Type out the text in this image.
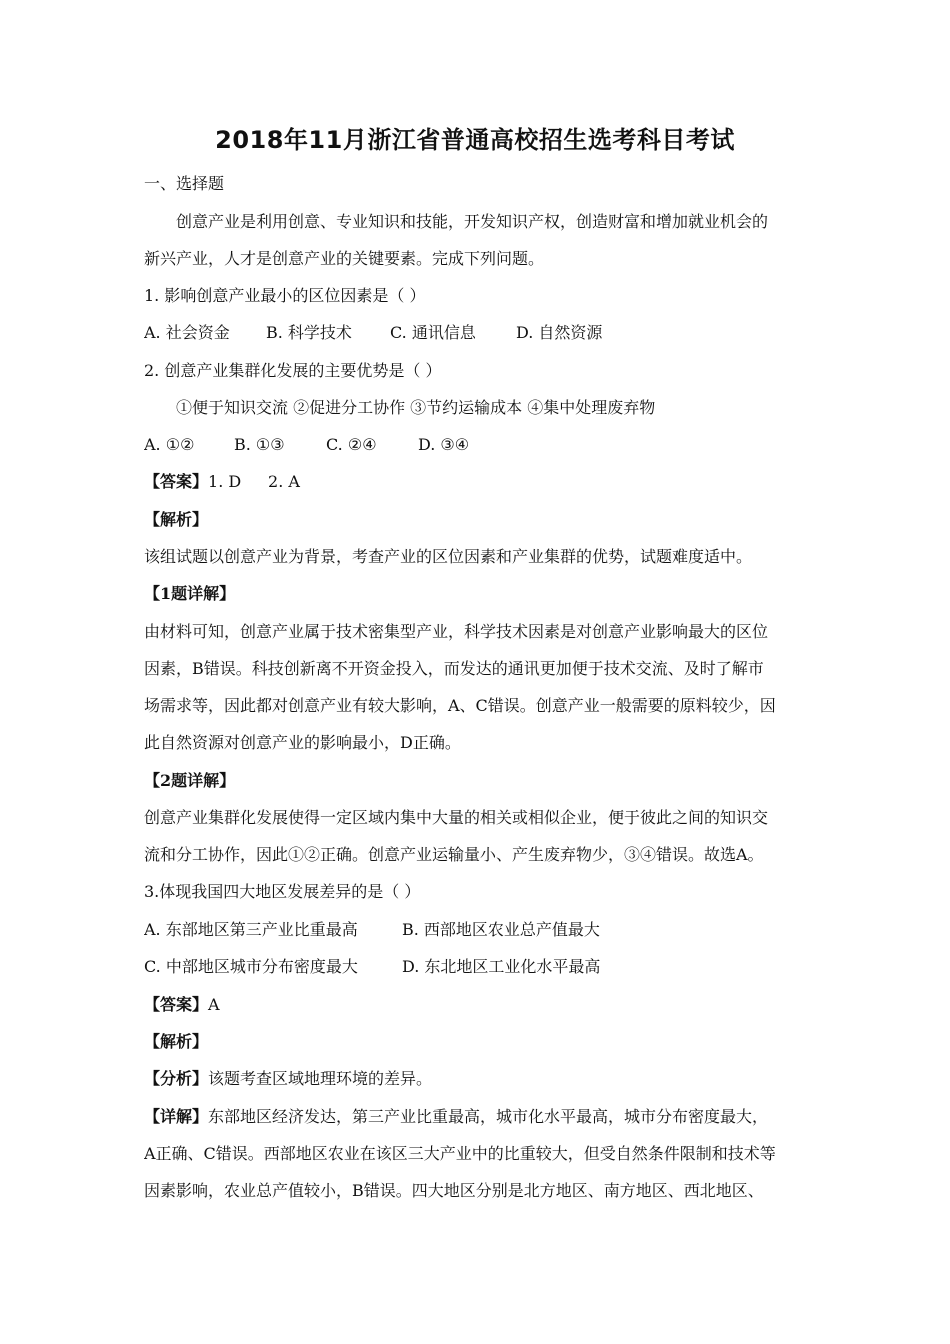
2018年11月浙江省普通高校招生选考科目考试
一、选择题
创意产业是利用创意、专业知识和技能，开发知识产权，创造财富和增加就业机会的
新兴产业，人才是创意产业的关键要素。完成下列问题。
1. 影响创意产业最小的区位因素是（ ）
A. 社会资金 B. 科学技术 C. 通讯信息	D. 自然资源
2. 创意产业集群化发展的主要优势是（ ）
①便于知识交流 ②促进分工协作 ③节约运输成本 ④集中处理废弃物
A. ①② B. ①③	C. ②④	D. ③④
【答案】1. D 2. A
【解析】
该组试题以创意产业为背景，考查产业的区位因素和产业集群的优势，试题难度适中。
【1题详解】
由材料可知，创意产业属于技术密集型产业，科学技术因素是对创意产业影响最大的区位
因素，B错误。科技创新离不开资金投入，而发达的通讯更加便于技术交流、及时了解市
场需求等，因此都对创意产业有较大影响，A、C错误。创意产业一般需要的原料较少，因
此自然资源对创意产业的影响最小，D正确。
【2题详解】
创意产业集群化发展使得一定区域内集中大量的相关或相似企业，便于彼此之间的知识交
流和分工协作，因此①②正确。创意产业运输量小、产生废弃物少，③④错误。故选A。
3.体现我国四大地区发展差异的是（ ）
A. 东部地区第三产业比重最高	B. 西部地区农业总产值最大
C. 中部地区城市分布密度最大	D. 东北地区工业化水平最高
【答案】A
【解析】
【分析】该题考查区域地理环境的差异。
【详解】东部地区经济发达，第三产业比重最高，城市化水平最高，城市分布密度最大，
A正确、C错误。西部地区农业在该区三大产业中的比重较大，但受自然条件限制和技术等
因素影响，农业总产值较小，B错误。四大地区分别是北方地区、南方地区、西北地区、
